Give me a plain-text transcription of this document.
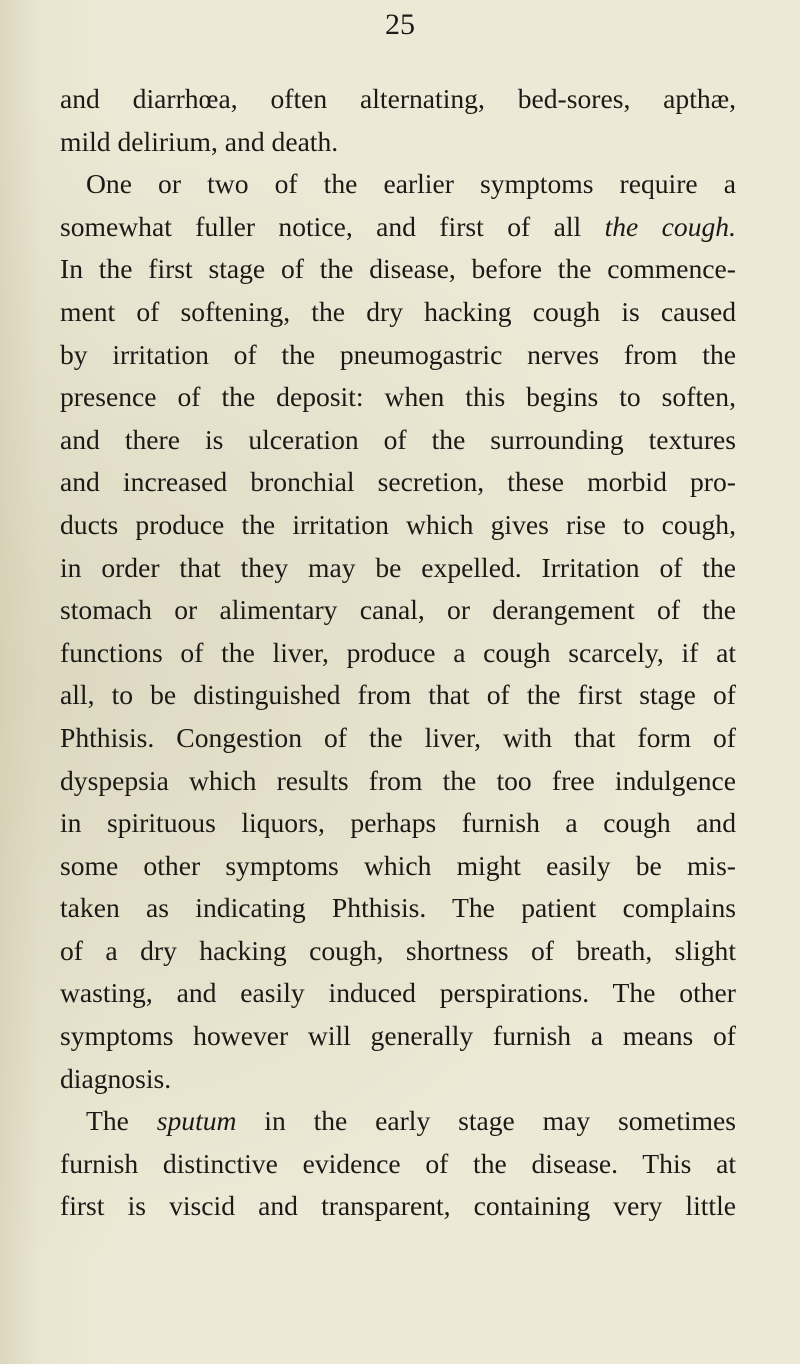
25
and diarrhœa, often alternating, bed-sores, apthæ,
mild delirium, and death.
One or two of the earlier symptoms require a
somewhat fuller notice, and first of all the cough.
In the first stage of the disease, before the commence-
ment of softening, the dry hacking cough is caused
by irritation of the pneumogastric nerves from the
presence of the deposit: when this begins to soften,
and there is ulceration of the surrounding textures
and increased bronchial secretion, these morbid pro-
ducts produce the irritation which gives rise to cough,
in order that they may be expelled. Irritation of the
stomach or alimentary canal, or derangement of the
functions of the liver, produce a cough scarcely, if at
all, to be distinguished from that of the first stage of
Phthisis. Congestion of the liver, with that form of
dyspepsia which results from the too free indulgence
in spirituous liquors, perhaps furnish a cough and
some other symptoms which might easily be mis-
taken as indicating Phthisis. The patient complains
of a dry hacking cough, shortness of breath, slight
wasting, and easily induced perspirations. The other
symptoms however will generally furnish a means of
diagnosis.
The sputum in the early stage may sometimes
furnish distinctive evidence of the disease. This at
first is viscid and transparent, containing very little
